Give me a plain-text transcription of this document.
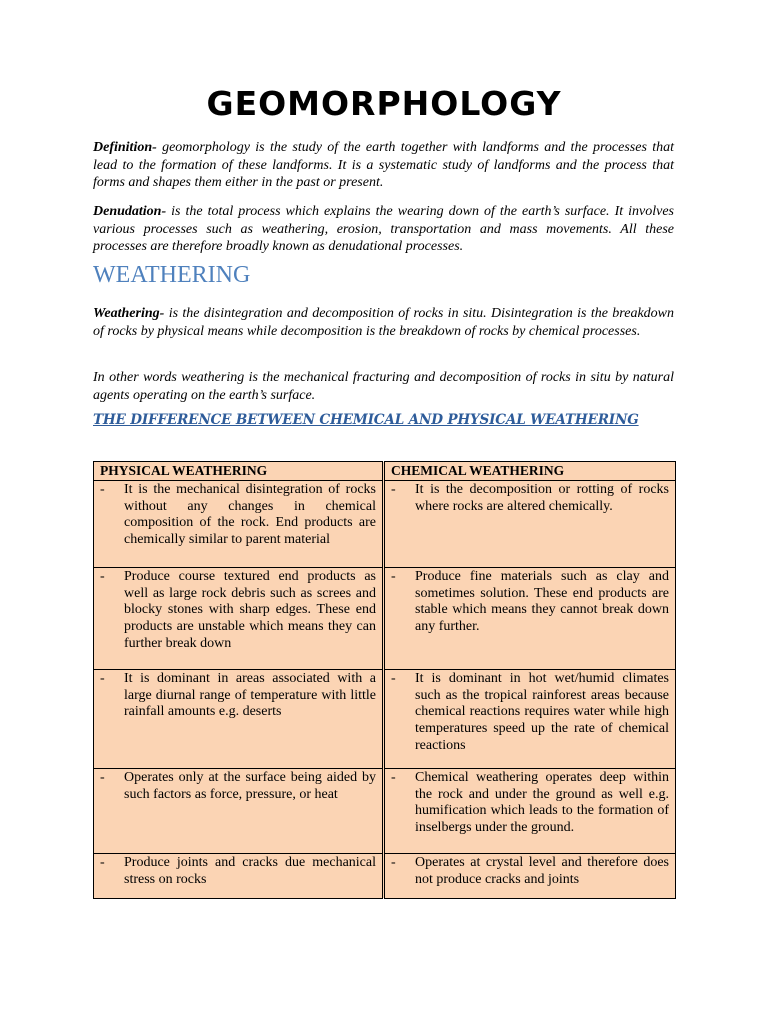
GEOMORPHOLOGY

Definition- geomorphology is the study of the earth together with landforms and the processes that lead to the formation of these landforms. It is a systematic study of landforms and the process that forms and shapes them either in the past or present.

Denudation- is the total process which explains the wearing down of the earth’s surface. It involves various processes such as weathering, erosion, transportation and mass movements. All these processes are therefore broadly known as denudational processes.

WEATHERING

Weathering- is the disintegration and decomposition of rocks in situ. Disintegration is the breakdown of rocks by physical means while decomposition is the breakdown of rocks by chemical processes.

In other words weathering is the mechanical fracturing and decomposition of rocks in situ by natural agents operating on the earth’s surface.

THE DIFFERENCE BETWEEN CHEMICAL AND PHYSICAL WEATHERING
PHYSICAL WEATHERING	CHEMICAL WEATHERING

- It is the mechanical disintegration of rocks without any changes in chemical composition of the rock. End products are chemically similar to parent material	- It is the decomposition or rotting of rocks where rocks are altered chemically.

- Produce course textured end products as well as large rock debris such as screes and blocky stones with sharp edges. These end products are unstable which means they can further break down	- Produce fine materials such as clay and sometimes solution. These end products are stable which means they cannot break down any further.

- It is dominant in areas associated with a large diurnal range of temperature with little rainfall amounts e.g. deserts	- It is dominant in hot wet/humid climates such as the tropical rainforest areas because chemical reactions requires water while high temperatures speed up the rate of chemical reactions

- Operates only at the surface being aided by such factors as force, pressure, or heat	- Chemical weathering operates deep within the rock and under the ground as well e.g. humification which leads to the formation of inselbergs under the ground.

- Produce joints and cracks due mechanical stress on rocks	- Operates at crystal level and therefore does not produce cracks and joints
